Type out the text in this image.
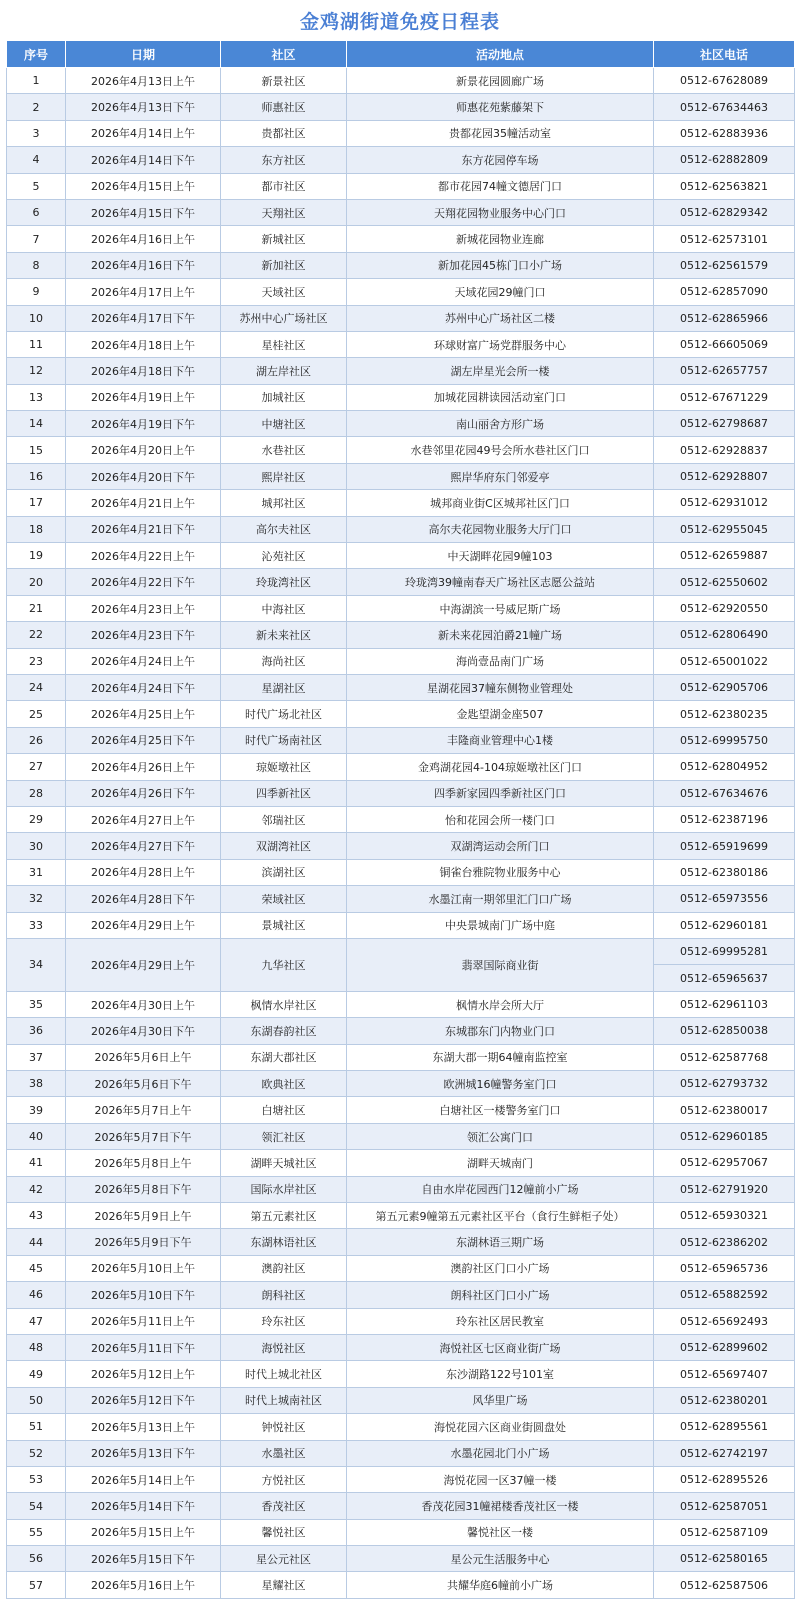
金鸡湖街道免疫日程表
序号	日期	社区	活动地点	社区电话
1	2026年4月13日上午	新景社区	新景花园圆廊广场	0512-67628089
2	2026年4月13日下午	师惠社区	师惠花苑紫藤架下	0512-67634463
3	2026年4月14日上午	贵都社区	贵都花园35幢活动室	0512-62883936
4	2026年4月14日下午	东方社区	东方花园停车场	0512-62882809
5	2026年4月15日上午	都市社区	都市花园74幢文德居门口	0512-62563821
6	2026年4月15日下午	天翔社区	天翔花园物业服务中心门口	0512-62829342
7	2026年4月16日上午	新城社区	新城花园物业连廊	0512-62573101
8	2026年4月16日下午	新加社区	新加花园45栋门口小广场	0512-62561579
9	2026年4月17日上午	天域社区	天域花园29幢门口	0512-62857090
10	2026年4月17日下午	苏州中心广场社区	苏州中心广场社区二楼	0512-62865966
11	2026年4月18日上午	星桂社区	环球财富广场党群服务中心	0512-66605069
12	2026年4月18日下午	湖左岸社区	湖左岸星光会所一楼	0512-62657757
13	2026年4月19日上午	加城社区	加城花园耕读园活动室门口	0512-67671229
14	2026年4月19日下午	中塘社区	南山丽舍方形广场	0512-62798687
15	2026年4月20日上午	水巷社区	水巷邻里花园49号会所水巷社区门口	0512-62928837
16	2026年4月20日下午	熙岸社区	熙岸华府东门邻爱亭	0512-62928807
17	2026年4月21日上午	城邦社区	城邦商业街C区城邦社区门口	0512-62931012
18	2026年4月21日下午	高尔夫社区	高尔夫花园物业服务大厅门口	0512-62955045
19	2026年4月22日上午	沁苑社区	中天湖畔花园9幢103	0512-62659887
20	2026年4月22日下午	玲珑湾社区	玲珑湾39幢南春天广场社区志愿公益站	0512-62550602
21	2026年4月23日上午	中海社区	中海湖滨一号威尼斯广场	0512-62920550
22	2026年4月23日下午	新未来社区	新未来花园泊爵21幢广场	0512-62806490
23	2026年4月24日上午	海尚社区	海尚壹品南门广场	0512-65001022
24	2026年4月24日下午	星湖社区	星湖花园37幢东侧物业管理处	0512-62905706
25	2026年4月25日上午	时代广场北社区	金匙望湖金座507	0512-62380235
26	2026年4月25日下午	时代广场南社区	丰隆商业管理中心1楼	0512-69995750
27	2026年4月26日上午	琼姬墩社区	金鸡湖花园4-104琼姬墩社区门口	0512-62804952
28	2026年4月26日下午	四季新社区	四季新家园四季新社区门口	0512-67634676
29	2026年4月27日上午	邻瑞社区	怡和花园会所一楼门口	0512-62387196
30	2026年4月27日下午	双湖湾社区	双湖湾运动会所门口	0512-65919699
31	2026年4月28日上午	滨湖社区	铜雀台雅院物业服务中心	0512-62380186
32	2026年4月28日下午	荣域社区	水墨江南一期邻里汇门口广场	0512-65973556
33	2026年4月29日上午	景城社区	中央景城南门广场中庭	0512-62960181
34	2026年4月29日上午	九华社区	翡翠国际商业街	0512-69995281
0512-65965637

35	2026年4月30日上午	枫情水岸社区	枫情水岸会所大厅	0512-62961103
36	2026年4月30日下午	东湖春韵社区	东城郡东门内物业门口	0512-62850038
37	2026年5月6日上午	东湖大郡社区	东湖大郡一期64幢南监控室	0512-62587768
38	2026年5月6日下午	欧典社区	欧洲城16幢警务室门口	0512-62793732
39	2026年5月7日上午	白塘社区	白塘社区一楼警务室门口	0512-62380017
40	2026年5月7日下午	领汇社区	领汇公寓门口	0512-62960185
41	2026年5月8日上午	湖畔天城社区	湖畔天城南门	0512-62957067
42	2026年5月8日下午	国际水岸社区	自由水岸花园西门12幢前小广场	0512-62791920
43	2026年5月9日上午	第五元素社区	第五元素9幢第五元素社区平台（食行生鲜柜子处）	0512-65930321
44	2026年5月9日下午	东湖林语社区	东湖林语三期广场	0512-62386202
45	2026年5月10日上午	澳韵社区	澳韵社区门口小广场	0512-65965736
46	2026年5月10日下午	朗科社区	朗科社区门口小广场	0512-65882592
47	2026年5月11日上午	玲东社区	玲东社区居民教室	0512-65692493
48	2026年5月11日下午	海悦社区	海悦社区七区商业街广场	0512-62899602
49	2026年5月12日上午	时代上城北社区	东沙湖路122号101室	0512-65697407
50	2026年5月12日下午	时代上城南社区	风华里广场	0512-62380201
51	2026年5月13日上午	钟悦社区	海悦花园六区商业街圆盘处	0512-62895561
52	2026年5月13日下午	水墨社区	水墨花园北门小广场	0512-62742197
53	2026年5月14日上午	方悦社区	海悦花园一区37幢一楼	0512-62895526
54	2026年5月14日下午	香茂社区	香茂花园31幢裙楼香茂社区一楼	0512-62587051
55	2026年5月15日上午	馨悦社区	馨悦社区一楼	0512-62587109
56	2026年5月15日下午	星公元社区	星公元生活服务中心	0512-62580165
57	2026年5月16日上午	星耀社区	共耀华庭6幢前小广场	0512-62587506
